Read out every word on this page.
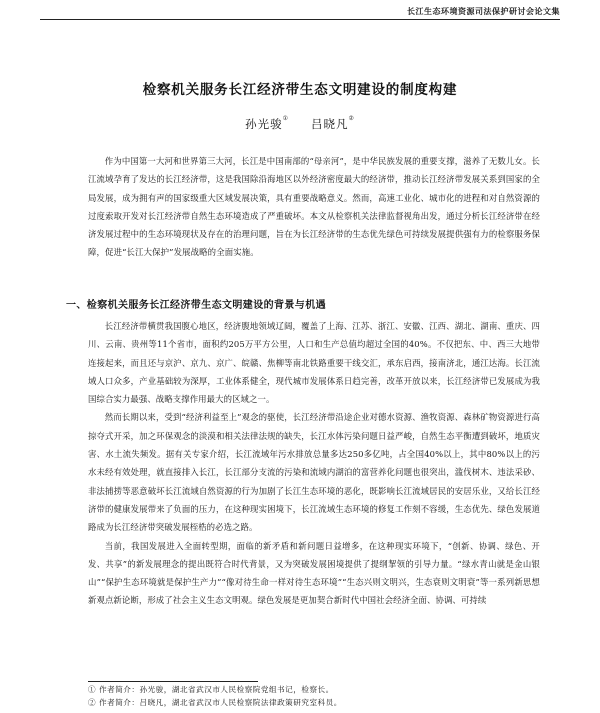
长江生态环境资源司法保护研讨会论文集
检察机关服务长江经济带生态文明建设的制度构建
孙光骏① 吕晓凡②
作为中国第一大河和世界第三大河，长江是中国南部的“母亲河”，是中华民族发展的重要支撑，滋养了无数儿女。长江流域孕育了发达的长江经济带，这是我国除沿海地区以外经济密度最大的经济带，推动长江经济带发展关系到国家的全局发展，成为拥有声的国家级重大区域发展决策，具有重要战略意义。然而，高速工业化、城市化的进程和对自然资源的过度索取开发对长江经济带自然生态环境造成了严重破坏。本文从检察机关法律监督视角出发，通过分析长江经济带在经济发展过程中的生态环境现状及存在的治理问题，旨在为长江经济带的生态优先绿色可持续发展提供强有力的检察服务保障，促进“长江大保护”发展战略的全面实施。
一、检察机关服务长江经济带生态文明建设的背景与机遇

长江经济带横贯我国腹心地区，经济腹地领域辽阔，覆盖了上海、江苏、浙江、安徽、江西、湖北、湖南、重庆、四川、云南、贵州等11个省市，面积约205万平方公里，人口和生产总值均超过全国的40%。不仅把东、中、西三大地带连接起来，而且还与京沪、京九、京广、皖赣、焦柳等南北铁路重要干线交汇，承东启西，接南济北，通江达海。长江流域人口众多，产业基础较为深厚，工业体系健全，现代城市发展体系日趋完善，改革开放以来，长江经济带已发展成为我国综合实力最强、战略支撑作用最大的区域之一。

然而长期以来，受到“经济利益至上”观念的驱使，长江经济带沿途企业对德水资源、渔牧资源、森林矿物资源进行高掠夺式开采，加之环保观念的淡漠和相关法律法规的缺失，长江水体污染问题日益严峻，自然生态平衡遭到破坏，地质灾害、水土流失频发。据有关专家介绍，长江流域年污水排放总量多达250多亿吨，占全国40%以上，其中80%以上的污水未经有效处理，就直接排入长江，长江部分支流的污染和流域内湖泊的富营养化问题也很突出，滥伐树木、违法采砂、非法捕捞等恶意破坏长江流域自然资源的行为加剧了长江生态环境的恶化，既影响长江流域居民的安居乐业，又给长江经济带的健康发展带来了负面的压力，在这种现实困境下，长江流域生态环境的修复工作刻不容缓，生态优先、绿色发展道路成为长江经济带突破发展桎梏的必选之路。

当前，我国发展进入全面转型期，面临的新矛盾和新问题日益增多，在这种现实环境下，“创新、协调、绿色、开发、共享”的新发展理念的提出既符合时代背景，又为突破发展困境提供了提纲挈领的引导力量。“绿水青山就是金山银山”“保护生态环境就是保护生产力”“像对待生命一样对待生态环境”“生态兴则文明兴，生态衰则文明衰”等一系列新思想新观点新论断，形成了社会主义生态文明观。绿色发展是更加契合新时代中国社会经济全面、协调、可持续

① 作者简介：孙光骏，湖北省武汉市人民检察院党组书记，检察长。
② 作者简介：吕晓凡，湖北省武汉市人民检察院法律政策研究室科员。
